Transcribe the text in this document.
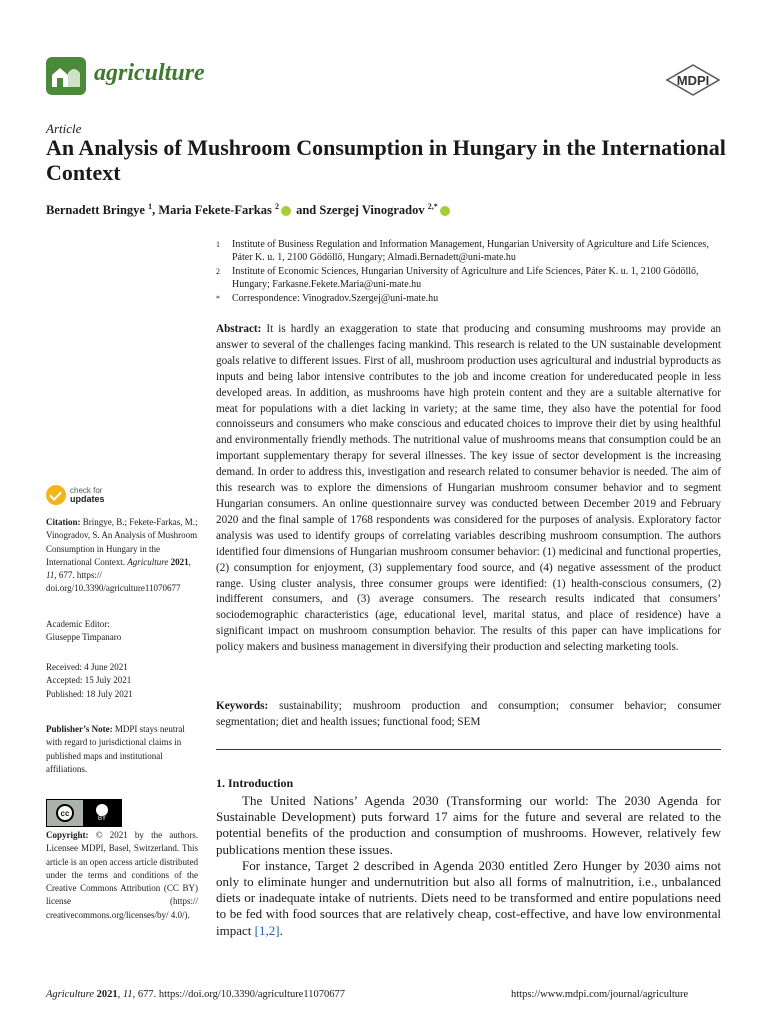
agriculture	MDPI
Article
An Analysis of Mushroom Consumption in Hungary in the International Context
Bernadett Bringye $^1$, Maria Fekete-Farkas $^2$ and Szergej Vinogradov $^{2,*}$
1	Institute of Business Regulation and Information Management, Hungarian University of Agriculture and Life Sciences, Páter K. u. 1, 2100 Gödöllő, Hungary; Almadi.Bernadett@uni-mate.hu
2	Institute of Economic Sciences, Hungarian University of Agriculture and Life Sciences, Páter K. u. 1, 2100 Gödöllő, Hungary; Farkasne.Fekete.Maria@uni-mate.hu
*	Correspondence: Vinogradov.Szergej@uni-mate.hu
Abstract: It is hardly an exaggeration to state that producing and consuming mushrooms may provide an answer to several of the challenges facing mankind. This research is related to the UN sustainable development goals relative to different issues. First of all, mushroom production uses agricultural and industrial byproducts as inputs and being labor intensive contributes to the job and income creation for undereducated people in less developed areas. In addition, as mushrooms have high protein content and they are a suitable alternative for meat for populations with a diet lacking in variety; at the same time, they also have the potential for food connoisseurs and consumers who make conscious and educated choices to improve their diet by using healthful and environmentally friendly methods. The nutritional value of mushrooms means that consumption could be an important supplementary therapy for several illnesses. The key issue of sector development is the increasing demand. In order to address this, investigation and research related to consumer behavior is needed. The aim of this research was to explore the dimensions of Hungarian mushroom consumer behavior and to segment Hungarian consumers. An online questionnaire survey was conducted between December 2019 and February 2020 and the final sample of 1768 respondents was considered for the purposes of analysis. Exploratory factor analysis was used to identify groups of correlating variables describing mushroom consumption. The authors identified four dimensions of Hungarian mushroom consumer behavior: (1) medicinal and functional properties, (2) consumption for enjoyment, (3) supplementary food source, and (4) negative assessment of the product range. Using cluster analysis, three consumer groups were identified: (1) health-conscious consumers, (2) indifferent consumers, and (3) average consumers. The research results indicated that consumers’ sociodemographic characteristics (age, educational level, marital status, and place of residence) have a significant impact on mushroom consumption behavior. The results of this paper can have implications for policy makers and business management in diversifying their production and selecting marketing tools.
Keywords: sustainability; mushroom production and consumption; consumer behavior; consumer segmentation; diet and health issues; functional food; SEM
1. Introduction

The United Nations’ Agenda 2030 (Transforming our world: The 2030 Agenda for Sustainable Development) puts forward 17 aims for the future and several are related to the potential benefits of the production and consumption of mushrooms. However, relatively few publications mention these issues.

For instance, Target 2 described in Agenda 2030 entitled Zero Hunger by 2030 aims not only to eliminate hunger and undernutrition but also all forms of malnutrition, i.e., unbalanced diets or inadequate intake of nutrients. Diets need to be transformed and entire populations need to be fed with food sources that are relatively cheap, cost-effective, and have low environmental impact [1,2].

check for
updates
Citation: Bringye, B.; Fekete-Farkas, M.; Vinogradov, S. An Analysis of Mushroom Consumption in Hungary in the International Context. Agriculture 2021, 11, 677. https:// doi.org/10.3390/agriculture11070677
Academic Editor:
Giuseppe Timpanaro
Received: 4 June 2021
Accepted: 15 July 2021
Published: 18 July 2021
Publisher’s Note: MDPI stays neutral with regard to jurisdictional claims in published maps and institutional affiliations.
cc
BY
Copyright: © 2021 by the authors. Licensee MDPI, Basel, Switzerland. This article is an open access article distributed under the terms and conditions of the Creative Commons Attribution (CC BY) license (https:// creativecommons.org/licenses/by/ 4.0/).
Agriculture 2021, 11, 677. https://doi.org/10.3390/agriculture11070677	https://www.mdpi.com/journal/agriculture
